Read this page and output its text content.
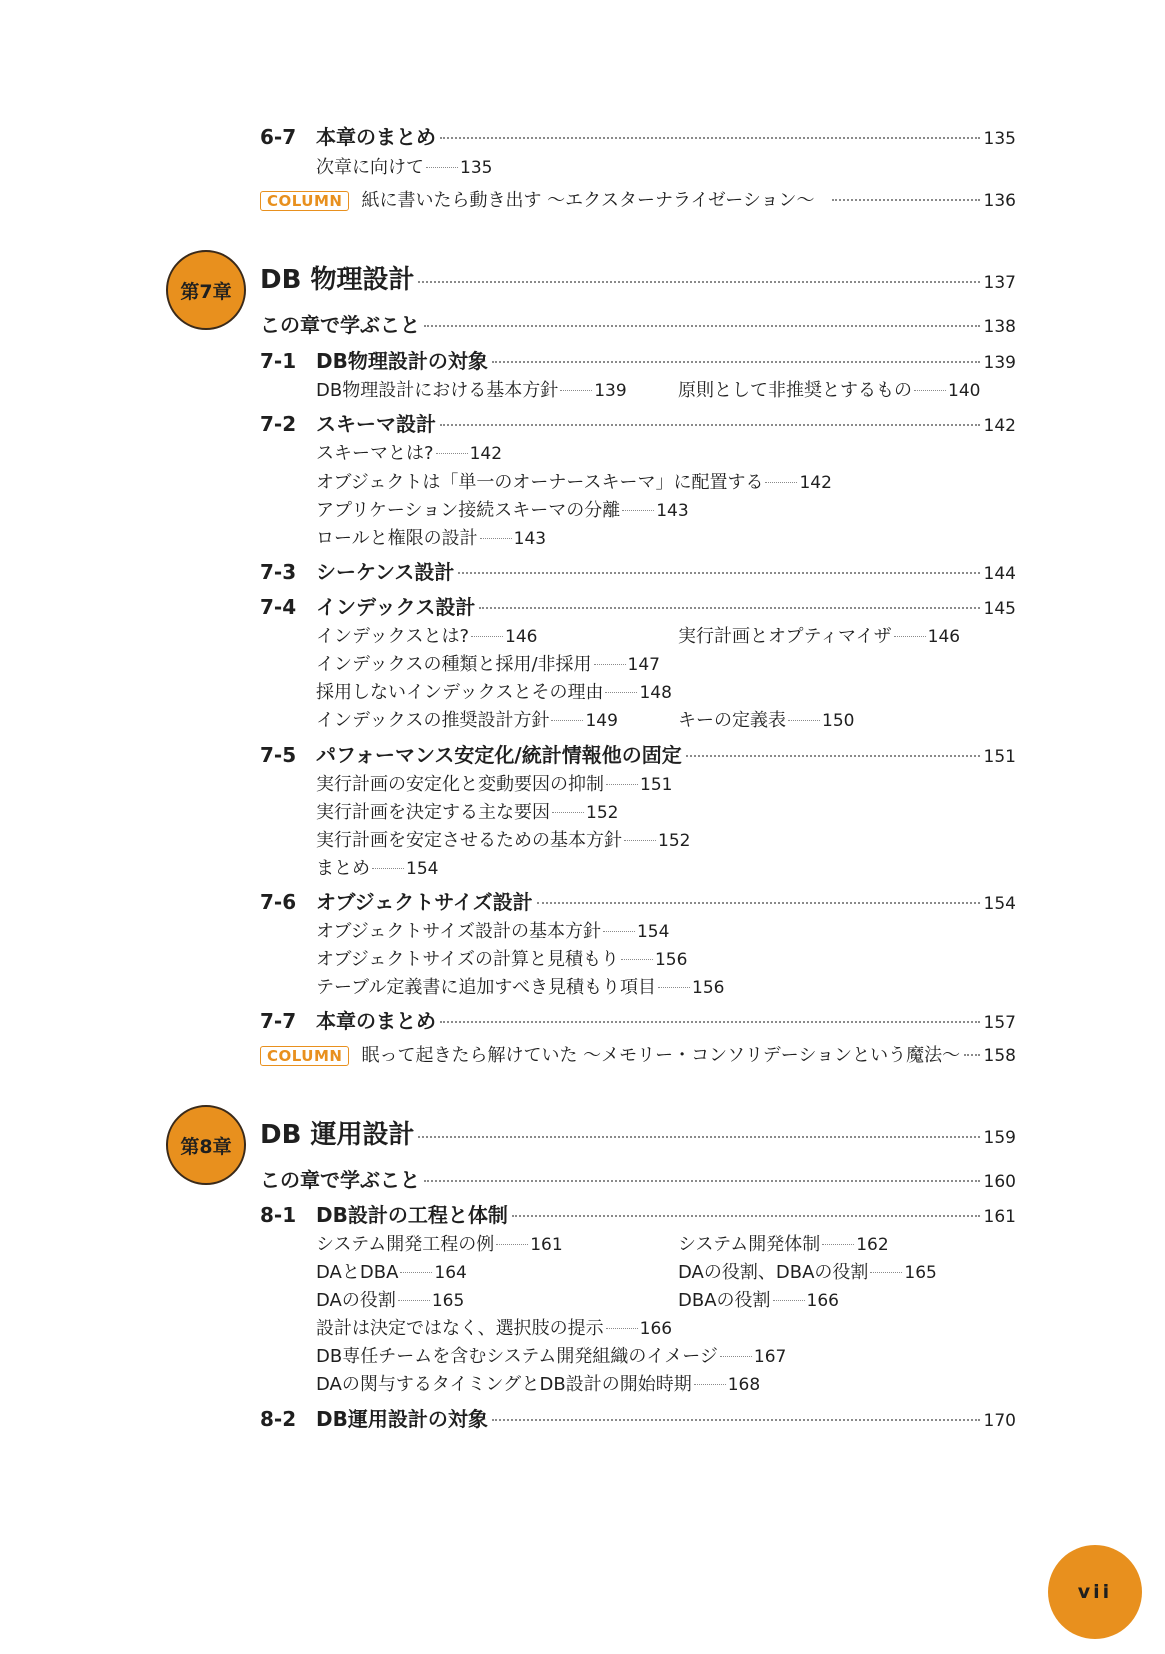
6-7 本章のまとめ	135
次章に向けて 135
COLUMN	紙に書いたら動き出す 〜エクスターナライゼーション〜	136
第7章	DB 物理設計	137
この章で学ぶこと	138
7-1 DB物理設計の対象	139
DB物理設計における基本方針 139	原則として非推奨とするもの 140
7-2 スキーマ設計	142
スキーマとは? 142
オブジェクトは「単一のオーナースキーマ」に配置する 142
アプリケーション接続スキーマの分離 143
ロールと権限の設計 143
7-3 シーケンス設計	144
7-4 インデックス設計	145
インデックスとは? 146	実行計画とオプティマイザ 146
インデックスの種類と採用/非採用 147
採用しないインデックスとその理由 148
インデックスの推奨設計方針 149	キーの定義表 150
7-5 パフォーマンス安定化/統計情報他の固定	151
実行計画の安定化と変動要因の抑制 151
実行計画を決定する主な要因 152
実行計画を安定させるための基本方針 152
まとめ 154
7-6 オブジェクトサイズ設計	154
オブジェクトサイズ設計の基本方針 154
オブジェクトサイズの計算と見積もり 156
テーブル定義書に追加すべき見積もり項目 156
7-7 本章のまとめ	157
COLUMN	眠って起きたら解けていた 〜メモリー・コンソリデーションという魔法〜 158
第8章	DB 運用設計	159
この章で学ぶこと	160
8-1 DB設計の工程と体制	161
システム開発工程の例 161	システム開発体制 162
DAとDBA 164	DAの役割、DBAの役割 165
DAの役割 165	DBAの役割 166
設計は決定ではなく、選択肢の提示 166
DB専任チームを含むシステム開発組織のイメージ 167
DAの関与するタイミングとDB設計の開始時期 168
8-2 DB運用設計の対象	170
vii
